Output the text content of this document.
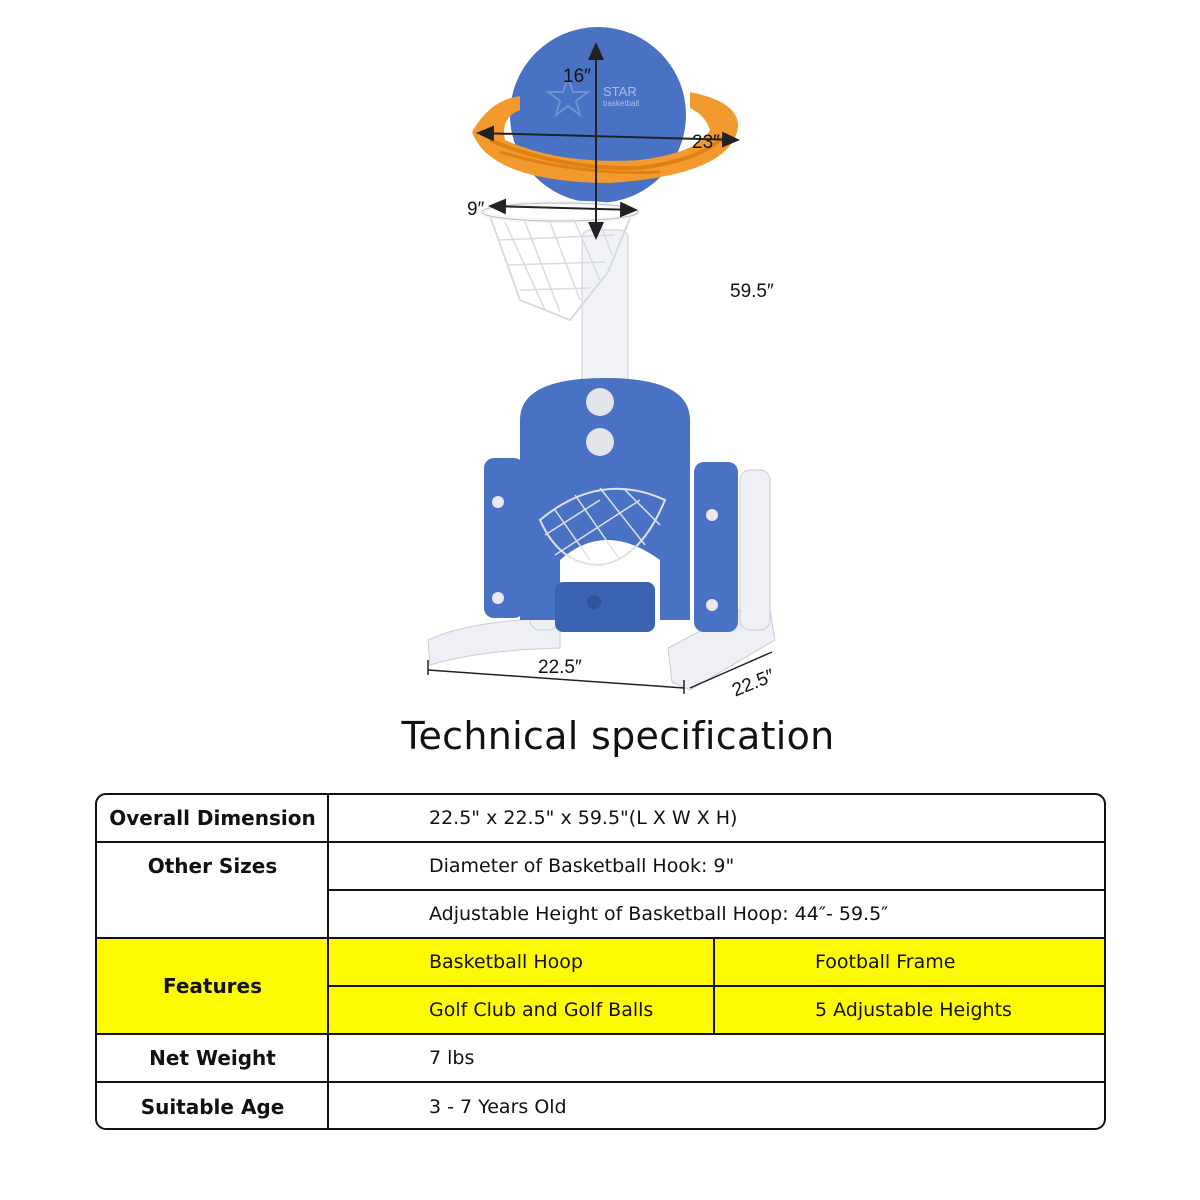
STAR
basketball
16″
23″
9″
59.5″
22.5″	22.5″
Technical specification
Overall Dimension	22.5" x 22.5" x 59.5"(L X W X H)
Other Sizes	Diameter of Basketball Hook: 9"
Adjustable Height of Basketball Hoop: 44″- 59.5″
Features
Basketball Hoop	Football Frame
Golf Club and Golf Balls	5 Adjustable Heights
Net Weight	7 lbs
Suitable Age	3 - 7 Years Old
